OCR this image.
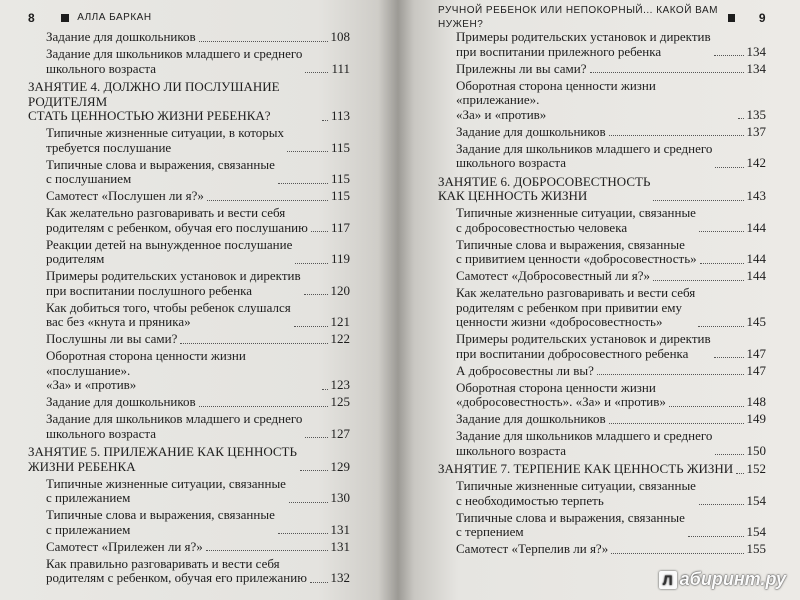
8	АЛЛА БАРКАН
Задание для дошкольников	108
Задание для школьников младшего и среднего
школьного возраста	111
ЗАНЯТИЕ 4. ДОЛЖНО ЛИ ПОСЛУШАНИЕ РОДИТЕЛЯМ
СТАТЬ ЦЕННОСТЬЮ ЖИЗНИ РЕБЕНКА?	113
Типичные жизненные ситуации, в которых
требуется послушание	115
Типичные слова и выражения, связанные
с послушанием	115
Самотест «Послушен ли я?»	115
Как желательно разговаривать и вести себя
родителям с ребенком, обучая его послушанию 117
Реакции детей на вынужденное послушание
родителям	119
Примеры родительских установок и директив
при воспитании послушного ребенка	120
Как добиться того, чтобы ребенок слушался
вас без «кнута и пряника»	121
Послушны ли вы сами?	122
Оборотная сторона ценности жизни «послушание».
«За» и «против»	123
Задание для дошкольников	125
Задание для школьников младшего и среднего
школьного возраста	127
ЗАНЯТИЕ 5. ПРИЛЕЖАНИЕ КАК ЦЕННОСТЬ
ЖИЗНИ РЕБЕНКА	129
Типичные жизненные ситуации, связанные
с прилежанием	130
Типичные слова и выражения, связанные
с прилежанием	131
Самотест «Прилежен ли я?»	131
Как правильно разговаривать и вести себя
родителям с ребенком, обучая его прилежанию 132
РУЧНОЙ РЕБЕНОК ИЛИ НЕПОКОРНЫЙ... КАКОЙ ВАМ НУЖЕН?	9
Примеры родительских установок и директив
при воспитании прилежного ребенка	134
Прилежны ли вы сами?	134
Оборотная сторона ценности жизни «прилежание».
«За» и «против»	135
Задание для дошкольников	137
Задание для школьников младшего и среднего
школьного возраста	142
ЗАНЯТИЕ 6. ДОБРОСОВЕСТНОСТЬ
КАК ЦЕННОСТЬ ЖИЗНИ	143
Типичные жизненные ситуации, связанные
с добросовестностью человека	144
Типичные слова и выражения, связанные
с привитием ценности «добросовестность»	144
Самотест «Добросовестный ли я?»	144
Как желательно разговаривать и вести себя
родителям с ребенком при привитии ему
ценности жизни «добросовестность»	145
Примеры родительских установок и директив
при воспитании добросовестного ребенка	147
А добросовестны ли вы?	147
Оборотная сторона ценности жизни
«добросовестность». «За» и «против»	148
Задание для дошкольников	149
Задание для школьников младшего и среднего
школьного возраста	150
ЗАНЯТИЕ 7. ТЕРПЕНИЕ КАК ЦЕННОСТЬ ЖИЗНИ 152
Типичные жизненные ситуации, связанные
с необходимостью терпеть	154
Типичные слова и выражения, связанные
с терпением	154
Самотест «Терпелив ли я?»	155
Л абиринт.ру
